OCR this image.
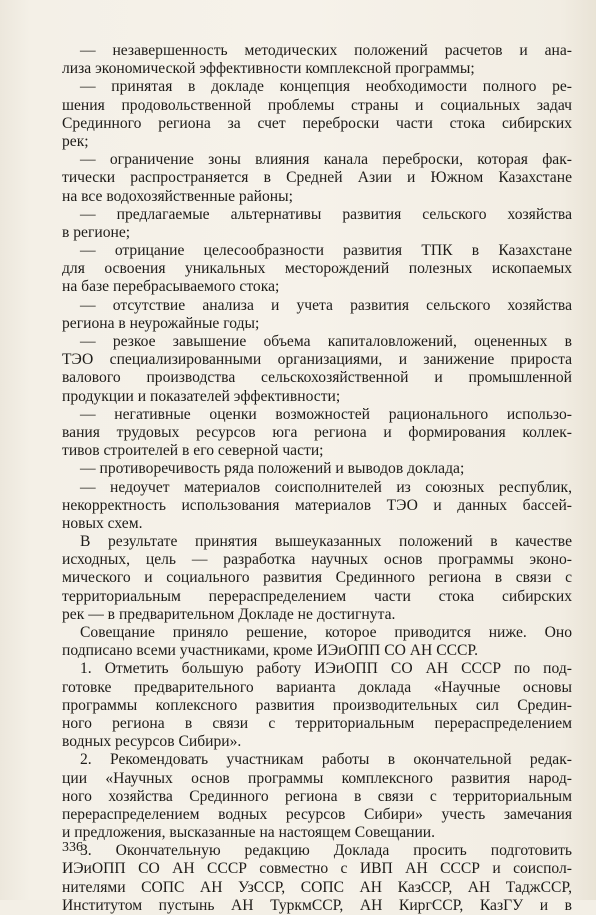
— незавершенность методических положений расчетов и ана-
лиза экономической эффективности комплексной программы;
— принятая в докладе концепция необходимости полного ре-
шения продовольственной проблемы страны и социальных задач
Срединного региона за счет переброски части стока сибирских
рек;
— ограничение зоны влияния канала переброски, которая фак-
тически распространяется в Средней Азии и Южном Казахстане
на все водохозяйственные районы;
— предлагаемые альтернативы развития сельского хозяйства
в регионе;
— отрицание целесообразности развития ТПК в Казахстане
для освоения уникальных месторождений полезных ископаемых
на базе перебрасываемого стока;
— отсутствие анализа и учета развития сельского хозяйства
региона в неурожайные годы;
— резкое завышение объема капиталовложений, оцененных в
ТЭО специализированными организациями, и занижение прироста
валового производства сельскохозяйственной и промышленной
продукции и показателей эффективности;
— негативные оценки возможностей рационального использо-
вания трудовых ресурсов юга региона и формирования коллек-
тивов строителей в его северной части;
— противоречивость ряда положений и выводов доклада;
— недоучет материалов соисполнителей из союзных республик,
некорректность использования материалов ТЭО и данных бассей-
новых схем.
В результате принятия вышеуказанных положений в качестве
исходных, цель — разработка научных основ программы эконо-
мического и социального развития Срединного региона в связи с
территориальным перераспределением части стока сибирских
рек — в предварительном Докладе не достигнута.
Совещание приняло решение, которое приводится ниже. Оно
подписано всеми участниками, кроме ИЭиОПП СО АН СССР.
1. Отметить большую работу ИЭиОПП СО АН СССР по под-
готовке предварительного варианта доклада «Научные основы
программы коплексного развития производительных сил Средин-
ного региона в связи с территориальным перераспределением
водных ресурсов Сибири».
2. Рекомендовать участникам работы в окончательной редак-
ции «Научных основ программы комплексного развития народ-
ного хозяйства Срединного региона в связи с территориальным
перераспределением водных ресурсов Сибири» учесть замечания
и предложения, высказанные на настоящем Совещании.
3. Окончательную редакцию Доклада просить подготовить
ИЭиОПП СО АН СССР совместно с ИВП АН СССР и соиспол-
нителями СОПС АН УзССР, СОПС АН КазССР, АН ТаджССР,
Институтом пустынь АН ТуркмССР, АН КиргССР, КазГУ и в
336
